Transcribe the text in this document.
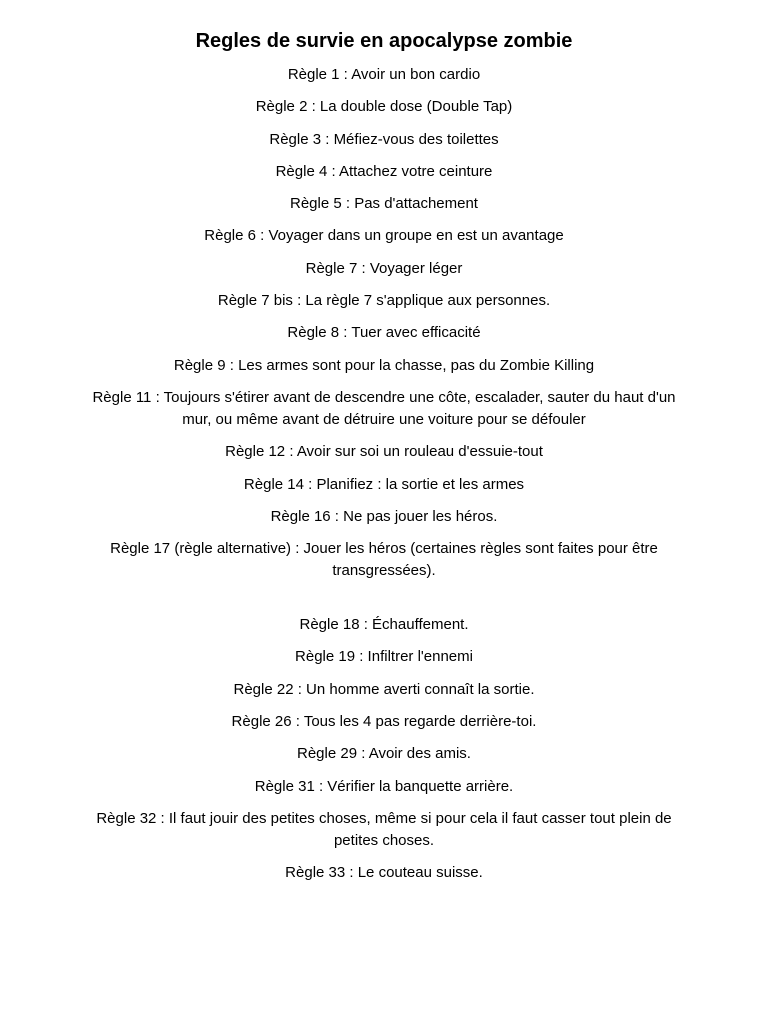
Regles de survie en apocalypse zombie

Règle 1 : Avoir un bon cardio

Règle 2 : La double dose (Double Tap)

Règle 3 : Méfiez-vous des toilettes

Règle 4 : Attachez votre ceinture

Règle 5 : Pas d'attachement

Règle 6 : Voyager dans un groupe en est un avantage

Règle 7 : Voyager léger

Règle 7 bis : La règle 7 s'applique aux personnes.

Règle 8 : Tuer avec efficacité

Règle 9 : Les armes sont pour la chasse, pas du Zombie Killing

Règle 11 : Toujours s'étirer avant de descendre une côte, escalader, sauter du haut d'un mur, ou même avant de détruire une voiture pour se défouler

Règle 12 : Avoir sur soi un rouleau d'essuie-tout

Règle 14 : Planifiez : la sortie et les armes

Règle 16 : Ne pas jouer les héros.

Règle 17 (règle alternative) : Jouer les héros (certaines règles sont faites pour être transgressées).

Règle 18 : Échauffement.

Règle 19 : Infiltrer l'ennemi

Règle 22 : Un homme averti connaît la sortie.

Règle 26 : Tous les 4 pas regarde derrière-toi.

Règle 29 : Avoir des amis.

Règle 31 : Vérifier la banquette arrière.

Règle 32 : Il faut jouir des petites choses, même si pour cela il faut casser tout plein de petites choses.

Règle 33 : Le couteau suisse.
